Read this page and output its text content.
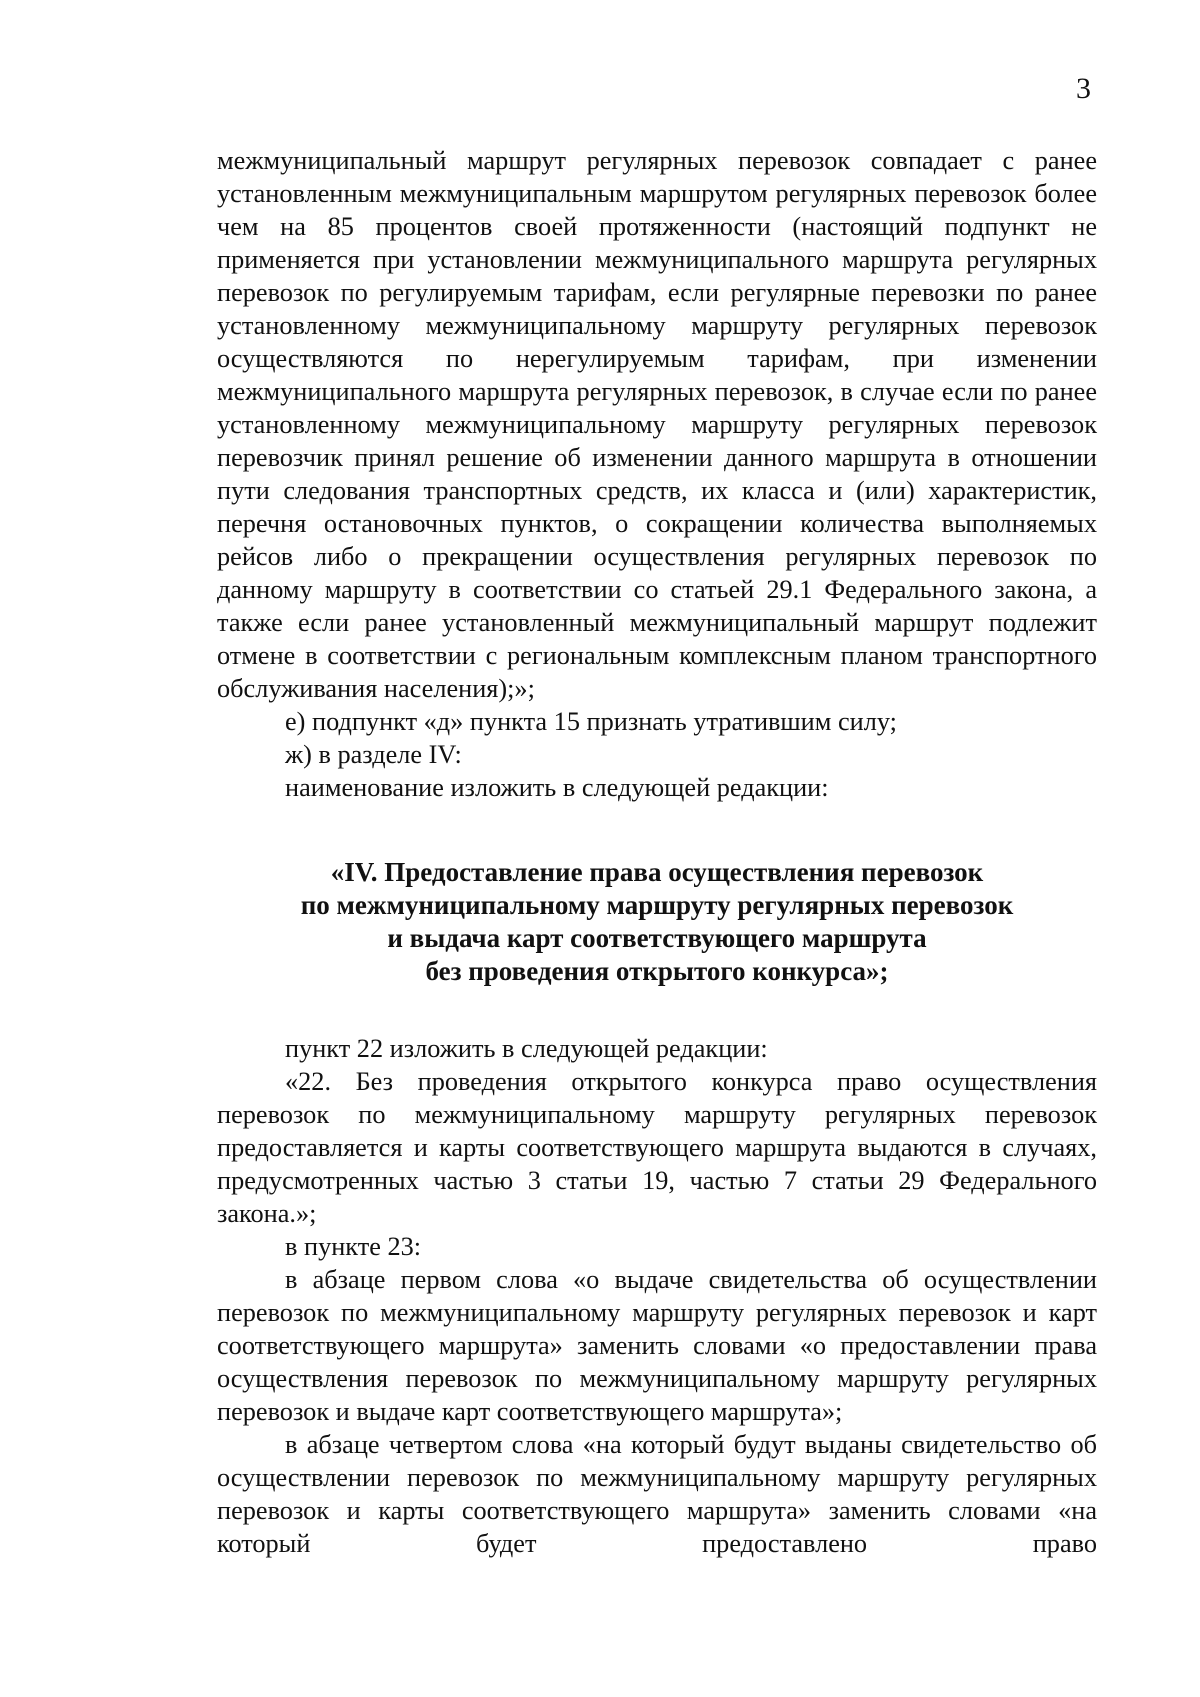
3

межмуниципальный маршрут регулярных перевозок совпадает с ранее установленным межмуниципальным маршрутом регулярных перевозок более чем на 85 процентов своей протяженности (настоящий подпункт не применяется при установлении межмуниципального маршрута регулярных перевозок по регулируемым тарифам, если регулярные перевозки по ранее установленному межмуниципальному маршруту регулярных перевозок осуществляются по нерегулируемым тарифам, при изменении межмуниципального маршрута регулярных перевозок, в случае если по ранее установленному межмуниципальному маршруту регулярных перевозок перевозчик принял решение об изменении данного маршрута в отношении пути следования транспортных средств, их класса и (или) характеристик, перечня остановочных пунктов, о сокращении количества выполняемых рейсов либо о прекращении осуществления регулярных перевозок по данному маршруту в соответствии со статьей 29.1 Федерального закона, а также если ранее установленный межмуниципальный маршрут подлежит отмене в соответствии с региональным комплексным планом транспортного обслуживания населения);»;

е) подпункт «д» пункта 15 признать утратившим силу;

ж) в разделе IV:

наименование изложить в следующей редакции:

«IV. Предоставление права осуществления перевозок
по межмуниципальному маршруту регулярных перевозок
и выдача карт соответствующего маршрута
без проведения открытого конкурса»;

пункт 22 изложить в следующей редакции:

«22. Без проведения открытого конкурса право осуществления перевозок по межмуниципальному маршруту регулярных перевозок предоставляется и карты соответствующего маршрута выдаются в случаях, предусмотренных частью 3 статьи 19, частью 7 статьи 29 Федерального закона.»;

в пункте 23:

в абзаце первом слова «о выдаче свидетельства об осуществлении перевозок по межмуниципальному маршруту регулярных перевозок и карт соответствующего маршрута» заменить словами «о предоставлении права осуществления перевозок по межмуниципальному маршруту регулярных перевозок и выдаче карт соответствующего маршрута»;

в абзаце четвертом слова «на который будут выданы свидетельство об осуществлении перевозок по межмуниципальному маршруту регулярных перевозок и карты соответствующего маршрута» заменить словами «на который будет предоставлено право
